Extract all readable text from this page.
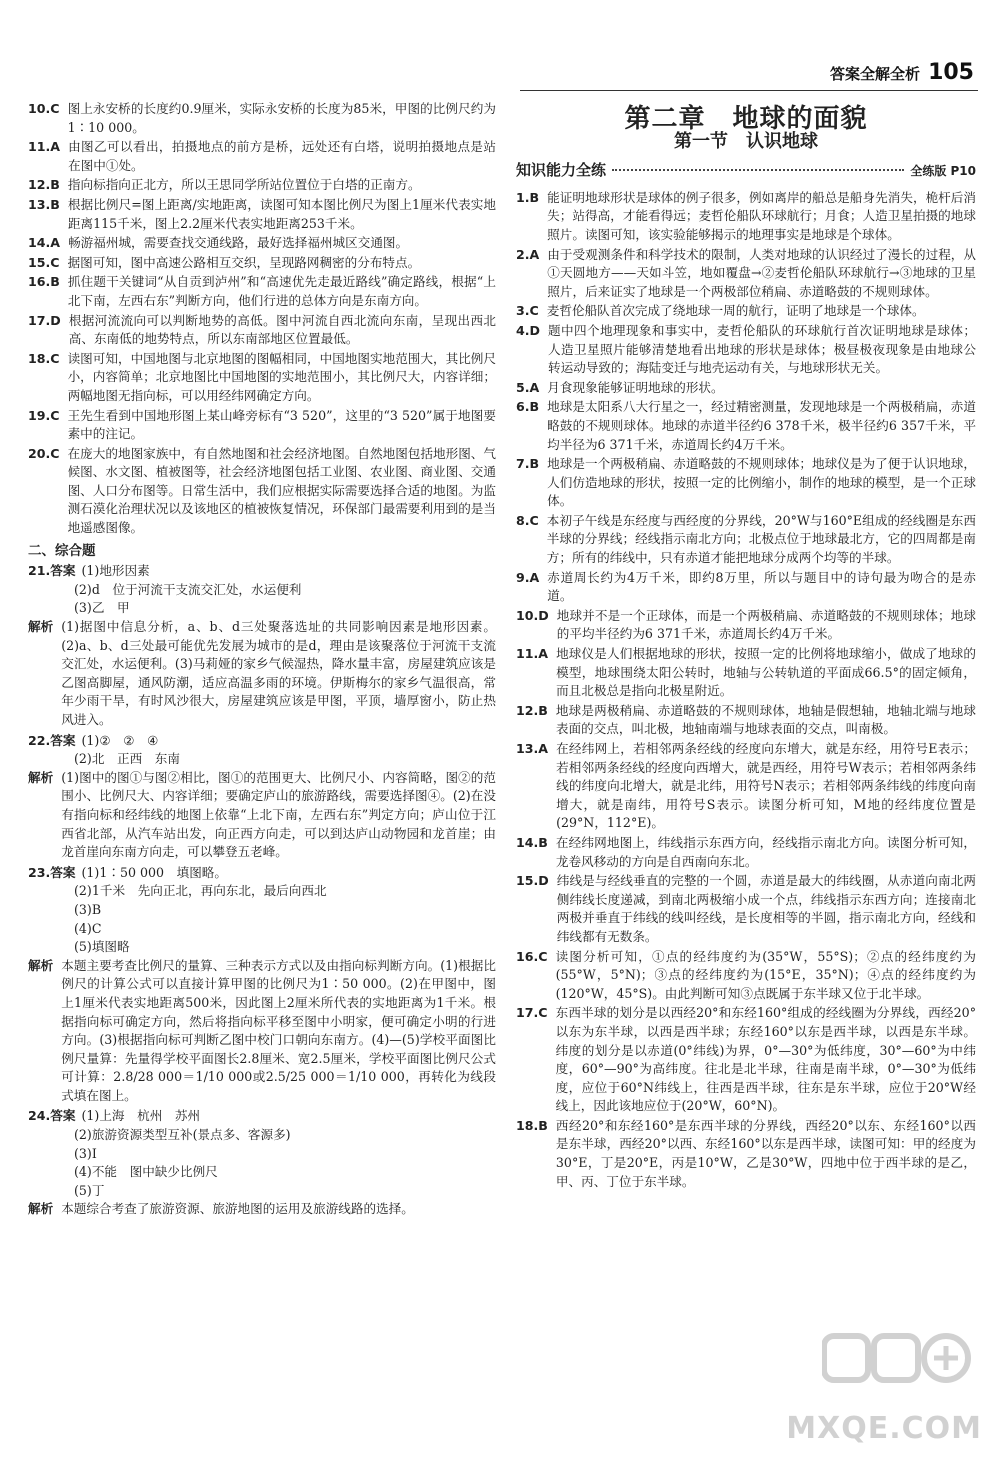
答案全解全析 105
10.C 图上永安桥的长度约0.9厘米，实际永安桥的长度为85米，甲图的比例尺约为1∶10 000。
11.A 由图乙可以看出，拍摄地点的前方是桥，远处还有白塔，说明拍摄地点是站在图中①处。
12.B 指向标指向正北方，所以王思同学所站位置位于白塔的正南方。
13.B 根据比例尺=图上距离/实地距离，读图可知本图比例尺为图上1厘米代表实地距离115千米，图上2.2厘米代表实地距离253千米。
14.A 畅游福州城，需要查找交通线路，最好选择福州城区交通图。
15.C 据图可知，图中高速公路相互交织，呈现路网稠密的分布特点。
16.B 抓住题干关键词“从自贡到泸州”和“高速优先走最近路线”确定路线，根据“上北下南，左西右东”判断方向，他们行进的总体方向是东南方向。
17.D 根据河流流向可以判断地势的高低。图中河流自西北流向东南，呈现出西北高、东南低的地势特点，所以东南部地区位置最低。
18.C 读图可知，中国地图与北京地图的图幅相同，中国地图实地范围大，其比例尺小，内容简单；北京地图比中国地图的实地范围小，其比例尺大，内容详细；两幅地图无指向标，可以用经纬网确定方向。
19.C 王先生看到中国地形图上某山峰旁标有“3 520”，这里的“3 520”属于地图要素中的注记。
20.C 在庞大的地图家族中，有自然地图和社会经济地图。自然地图包括地形图、气候图、水文图、植被图等，社会经济地图包括工业图、农业图、商业图、交通图、人口分布图等。日常生活中，我们应根据实际需要选择合适的地图。为监测石漠化治理状况以及该地区的植被恢复情况，环保部门最需要利用到的是当地遥感图像。
二、综合题
21.答案 (1)地形因素
(2)d　位于河流干支流交汇处，水运便利
(3)乙　甲
解析 (1)据图中信息分析，a、b、d三处聚落选址的共同影响因素是地形因素。(2)a、b、d三处最可能优先发展为城市的是d，理由是该聚落位于河流干支流交汇处，水运便利。(3)马莉娅的家乡气候湿热，降水量丰富，房屋建筑应该是乙图高脚屋，通风防潮，适应高温多雨的环境。伊斯梅尔的家乡气温很高，常年少雨干旱，有时风沙很大，房屋建筑应该是甲图，平顶，墙厚窗小，防止热风进入。
22.答案 (1)②　②　④
(2)北　正西　东南
解析 (1)图中的图①与图②相比，图①的范围更大、比例尺小、内容简略，图②的范围小、比例尺大、内容详细；要确定庐山的旅游路线，需要选择图④。(2)在没有指向标和经纬线的地图上依靠“上北下南，左西右东”判定方向；庐山位于江西省北部，从汽车站出发，向正西方向走，可以到达庐山动物园和龙首崖；由龙首崖向东南方向走，可以攀登五老峰。
23.答案 (1)1∶50 000　填图略。
(2)1千米　先向正北，再向东北，最后向西北
(3)B
(4)C
(5)填图略
解析 本题主要考查比例尺的量算、三种表示方式以及由指向标判断方向。(1)根据比例尺的计算公式可以直接计算甲图的比例尺为1∶50 000。(2)在甲图中，图上1厘米代表实地距离500米，因此图上2厘米所代表的实地距离为1千米。根据指向标可确定方向，然后将指向标平移至图中小明家，便可确定小明的行进方向。(3)根据指向标可判断乙图中校门口朝向东南方。(4)—(5)学校平面图比例尺量算：先量得学校平面图长2.8厘米、宽2.5厘米，学校平面图比例尺公式可计算：2.8/28 000＝1/10 000或2.5/25 000＝1/10 000，再转化为线段式填在图上。
24.答案 (1)上海　杭州　苏州
(2)旅游资源类型互补(景点多、客源多)
(3)I
(4)不能　图中缺少比例尺
(5)丁
解析 本题综合考查了旅游资源、旅游地图的运用及旅游线路的选择。
第二章　地球的面貌
第一节　认识地球
知识能力全练	全练版 P10
1.B 能证明地球形状是球体的例子很多，例如离岸的船总是船身先消失，桅杆后消失；站得高，才能看得远；麦哲伦船队环球航行；月食；人造卫星拍摄的地球照片。读图可知，该实验能够揭示的地理事实是地球是个球体。
2.A 由于受观测条件和科学技术的限制，人类对地球的认识经过了漫长的过程，从①天圆地方——天如斗笠，地如覆盘→②麦哲伦船队环球航行→③地球的卫星照片，后来证实了地球是一个两极部位稍扁、赤道略鼓的不规则球体。
3.C 麦哲伦船队首次完成了绕地球一周的航行，证明了地球是一个球体。
4.D 题中四个地理现象和事实中，麦哲伦船队的环球航行首次证明地球是球体；人造卫星照片能够清楚地看出地球的形状是球体；极昼极夜现象是由地球公转运动导致的；海陆变迁与地壳运动有关，与地球形状无关。
5.A 月食现象能够证明地球的形状。
6.B 地球是太阳系八大行星之一，经过精密测量，发现地球是一个两极稍扁，赤道略鼓的不规则球体。地球的赤道半径约6 378千米，极半径约6 357千米，平均半径为6 371千米，赤道周长约4万千米。
7.B 地球是一个两极稍扁、赤道略鼓的不规则球体；地球仪是为了便于认识地球，人们仿造地球的形状，按照一定的比例缩小，制作的地球的模型，是一个正球体。
8.C 本初子午线是东经度与西经度的分界线，20°W与160°E组成的经线圈是东西半球的分界线；经线指示南北方向；北极点位于地球最北方，它的四周都是南方；所有的纬线中，只有赤道才能把地球分成两个均等的半球。
9.A 赤道周长约为4万千米，即约8万里，所以与题目中的诗句最为吻合的是赤道。
10.D 地球并不是一个正球体，而是一个两极稍扁、赤道略鼓的不规则球体；地球的平均半径约为6 371千米，赤道周长约4万千米。
11.A 地球仪是人们根据地球的形状，按照一定的比例将地球缩小，做成了地球的模型，地球围绕太阳公转时，地轴与公转轨道的平面成66.5°的固定倾角，而且北极总是指向北极星附近。
12.B 地球是两极稍扁、赤道略鼓的不规则球体，地轴是假想轴，地轴北端与地球表面的交点，叫北极，地轴南端与地球表面的交点，叫南极。
13.A 在经纬网上，若相邻两条经线的经度向东增大，就是东经，用符号E表示；若相邻两条经线的经度向西增大，就是西经，用符号W表示；若相邻两条纬线的纬度向北增大，就是北纬，用符号N表示；若相邻两条纬线的纬度向南增大，就是南纬，用符号S表示。读图分析可知，M地的经纬度位置是(29°N，112°E)。
14.B 在经纬网地图上，纬线指示东西方向，经线指示南北方向。读图分析可知，龙卷风移动的方向是自西南向东北。
15.D 纬线是与经线垂直的完整的一个圆，赤道是最大的纬线圈，从赤道向南北两侧纬线长度递减，到南北两极缩小成一个点，纬线指示东西方向；连接南北两极并垂直于纬线的线叫经线，是长度相等的半圆，指示南北方向，经线和纬线都有无数条。
16.C 读图分析可知，①点的经纬度约为(35°W，55°S)；②点的经纬度约为(55°W，5°N)；③点的经纬度约为(15°E，35°N)；④点的经纬度约为(120°W，45°S)。由此判断可知③点既属于东半球又位于北半球。
17.C 东西半球的划分是以西经20°和东经160°组成的经线圈为分界线，西经20°以东为东半球，以西是西半球；东经160°以东是西半球，以西是东半球。纬度的划分是以赤道(0°纬线)为界，0°—30°为低纬度，30°—60°为中纬度，60°—90°为高纬度。往北是北半球，往南是南半球，0°—30°为低纬度，应位于60°N纬线上，往西是西半球，往东是东半球，应位于20°W经线上，因此该地应位于(20°W，60°N)。
18.B 西经20°和东经160°是东西半球的分界线，西经20°以东、东经160°以西是东半球，西经20°以西、东经160°以东是西半球，读图可知：甲的经度为30°E，丁是20°E，丙是10°W，乙是30°W，四地中位于西半球的是乙，甲、丙、丁位于东半球。
MXQE.COM
